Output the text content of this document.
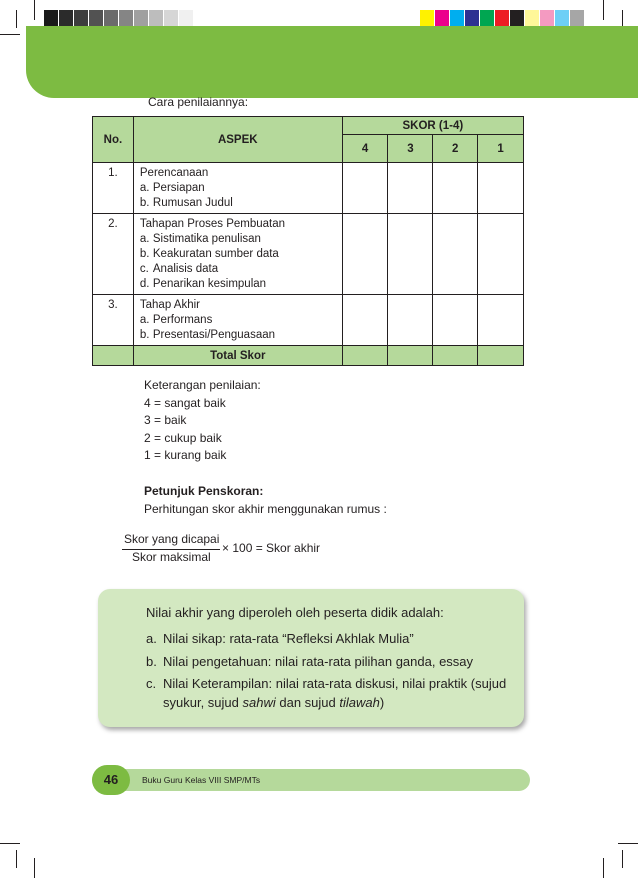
Cara penilaiannya:
No.	ASPEK	SKOR (1-4)			
		4	3	2	1
1.	Perencanaan
a. Persiapan
b. Rumusan Judul				

2.	Tahapan Proses Pembuatan
a. Sistimatika penulisan
b. Keakuratan sumber data
c. Analisis data
d. Penarikan kesimpulan				

3.	Tahap Akhir
a. Performans
b. Presentasi/Penguasaan				

	Total Skor				
Keterangan penilaian:
4 = sangat baik
3 = baik
2 = cukup baik
1 = kurang baik
Petunjuk Penskoran:
Perhitungan skor akhir menggunakan rumus :
Skor yang dicapai
Skor maksimal
× 100 = Skor akhir
Nilai akhir yang diperoleh oleh peserta didik adalah:
a. Nilai sikap: rata-rata “Refleksi Akhlak Mulia”
b. Nilai pengetahuan: nilai rata-rata pilihan ganda, essay
c. Nilai Keterampilan: nilai rata-rata diskusi, nilai praktik (sujud
syukur, sujud sahwi dan sujud tilawah)
46	Buku Guru Kelas VIII SMP/MTs
